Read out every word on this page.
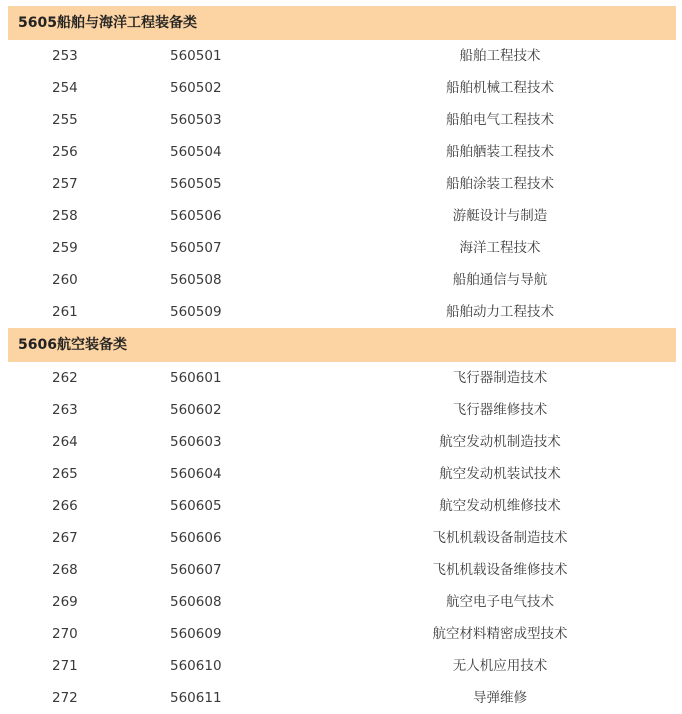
5605船舶与海洋工程装备类
253	560501	船舶工程技术
254	560502	船舶机械工程技术
255	560503	船舶电气工程技术
256	560504	船舶舾装工程技术
257	560505	船舶涂装工程技术
258	560506	游艇设计与制造
259	560507	海洋工程技术
260	560508	船舶通信与导航
261	560509	船舶动力工程技术
5606航空装备类
262	560601	飞行器制造技术
263	560602	飞行器维修技术
264	560603	航空发动机制造技术
265	560604	航空发动机装试技术
266	560605	航空发动机维修技术
267	560606	飞机机载设备制造技术
268	560607	飞机机载设备维修技术
269	560608	航空电子电气技术
270	560609	航空材料精密成型技术
271	560610	无人机应用技术
272	560611	导弹维修
